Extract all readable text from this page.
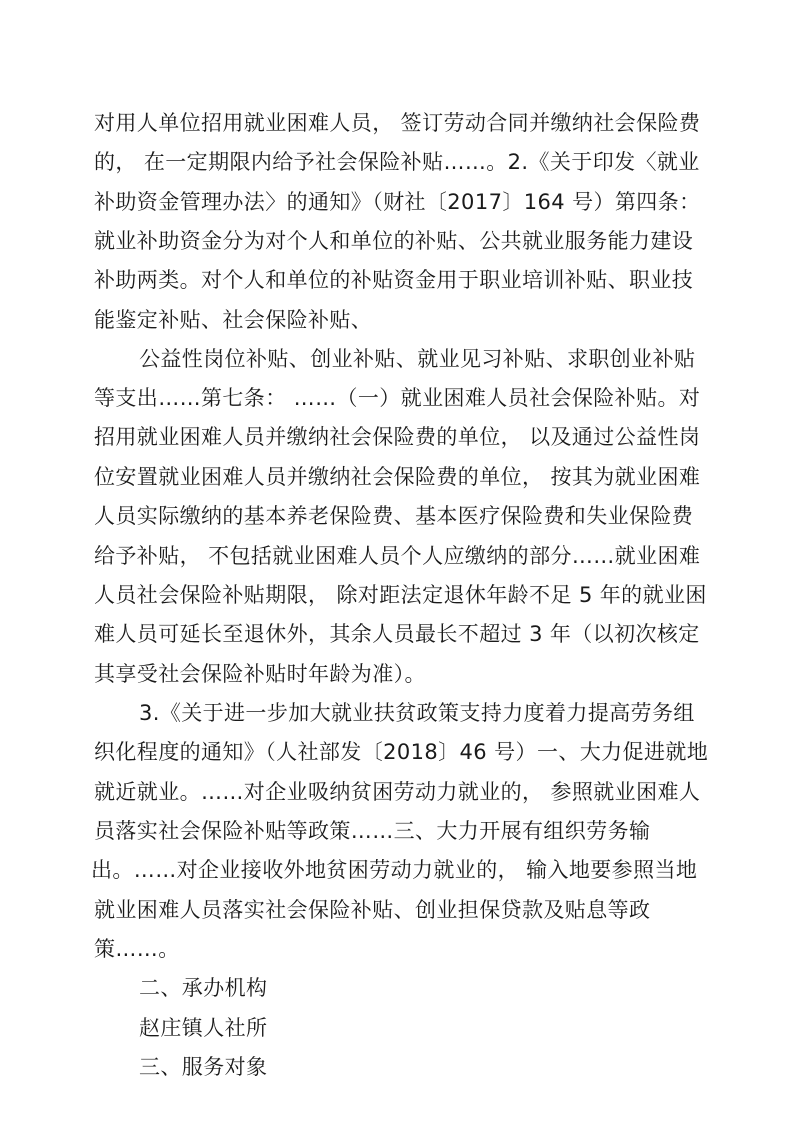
对用人单位招用就业困难人员， 签订劳动合同并缴纳社会保险费
的， 在一定期限内给予社会保险补贴……。2.《关于印发〈就业
补助资金管理办法〉的通知》（财社〔2017〕164 号）第四条：
就业补助资金分为对个人和单位的补贴、公共就业服务能力建设
补助两类。对个人和单位的补贴资金用于职业培训补贴、职业技
能鉴定补贴、社会保险补贴、
公益性岗位补贴、创业补贴、就业见习补贴、求职创业补贴
等支出……第七条： ……（一）就业困难人员社会保险补贴。对
招用就业困难人员并缴纳社会保险费的单位， 以及通过公益性岗
位安置就业困难人员并缴纳社会保险费的单位， 按其为就业困难
人员实际缴纳的基本养老保险费、基本医疗保险费和失业保险费
给予补贴， 不包括就业困难人员个人应缴纳的部分……就业困难
人员社会保险补贴期限， 除对距法定退休年龄不足 5 年的就业困
难人员可延长至退休外，其余人员最长不超过 3 年（以初次核定
其享受社会保险补贴时年龄为准）。
3.《关于进一步加大就业扶贫政策支持力度着力提高劳务组
织化程度的通知》（人社部发〔2018〕46 号）一、大力促进就地
就近就业。……对企业吸纳贫困劳动力就业的， 参照就业困难人
员落实社会保险补贴等政策……三、大力开展有组织劳务输
出。……对企业接收外地贫困劳动力就业的， 输入地要参照当地
就业困难人员落实社会保险补贴、创业担保贷款及贴息等政
策……。
二、承办机构
赵庄镇人社所
三、服务对象
